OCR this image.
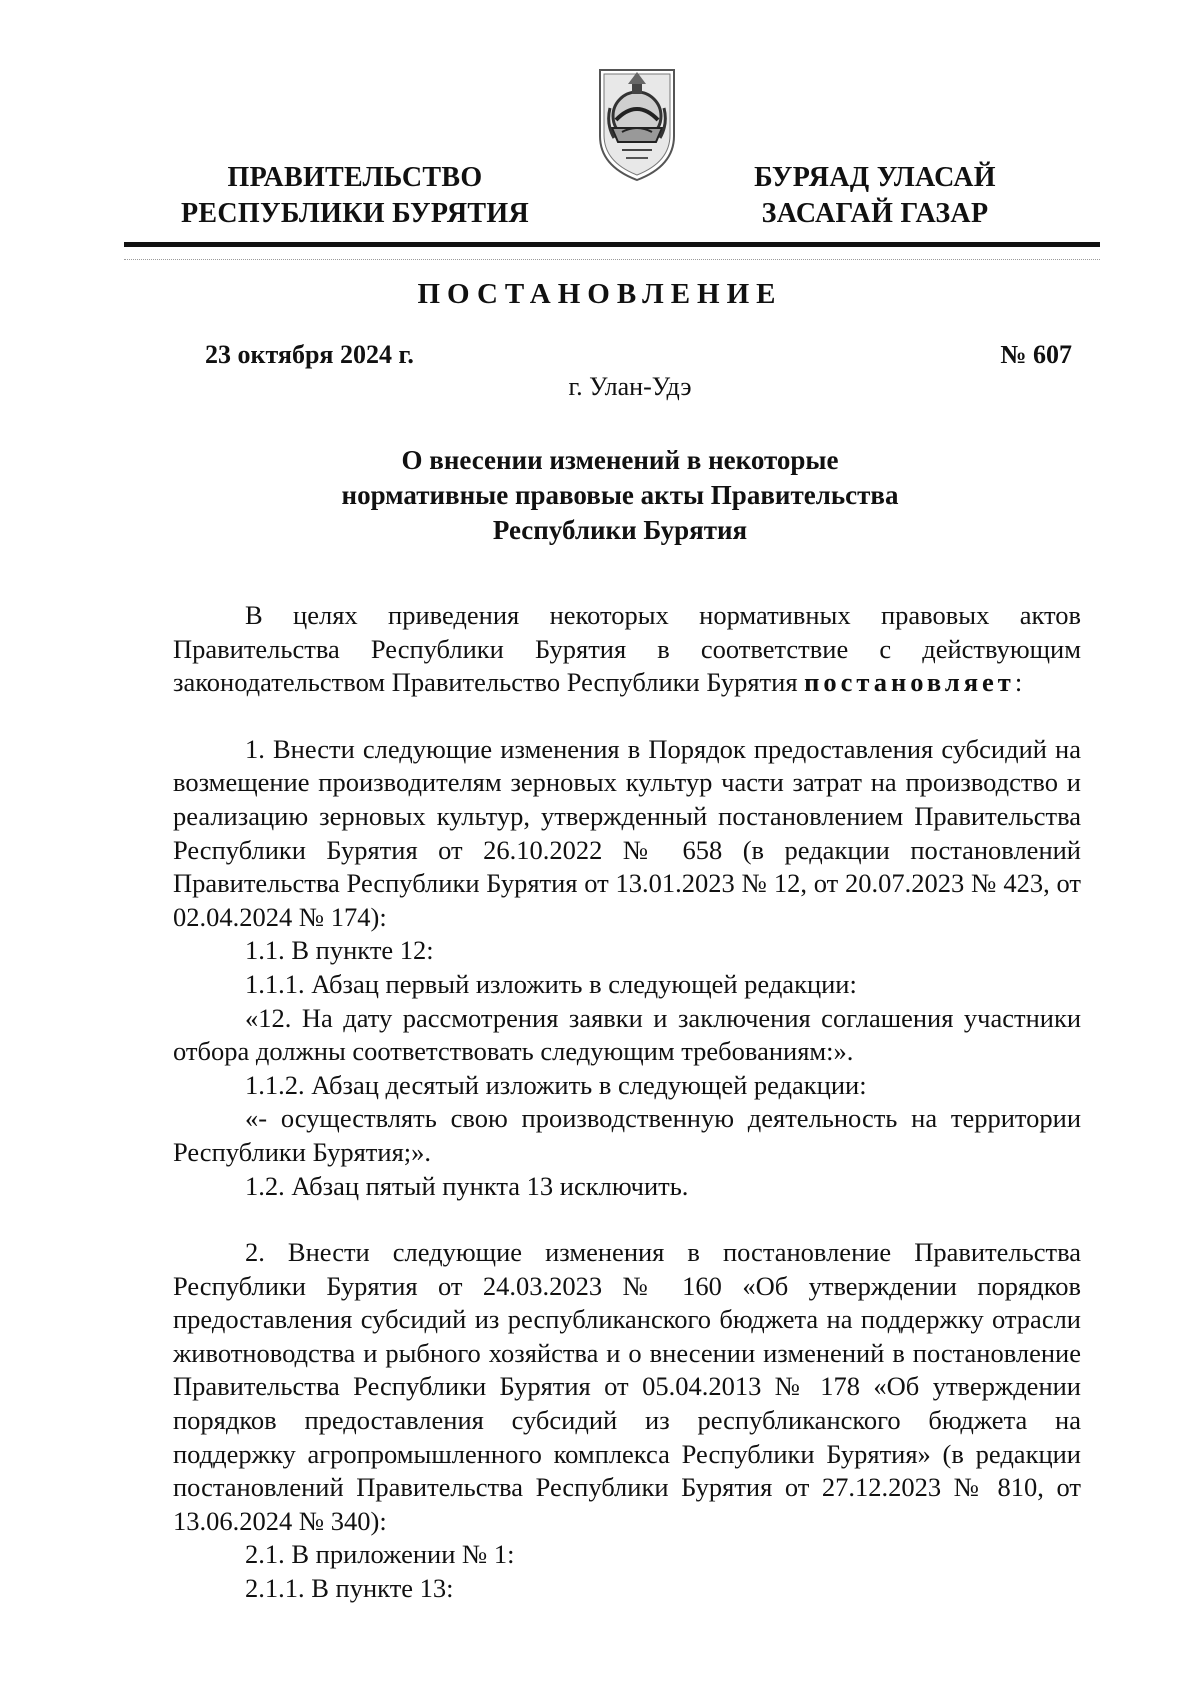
ПРАВИТЕЛЬСТВО
РЕСПУБЛИКИ БУРЯТИЯ
БУРЯАД УЛАСАЙ
ЗАСАГАЙ ГАЗАР
ПОСТАНОВЛЕНИЕ
23 октября 2024 г.	№ 607
г. Улан-Удэ
О внесении изменений в некоторые
нормативные правовые акты Правительства
Республики Бурятия

В целях приведения некоторых нормативных правовых актов Правительства Республики Бурятия в соответствие с действующим законодательством Правительство Республики Бурятия постановляет:

1. Внести следующие изменения в Порядок предоставления субсидий на возмещение производителям зерновых культур части затрат на производство и реализацию зерновых культур, утвержденный постановлением Правительства Республики Бурятия от 26.10.2022 № 658 (в редакции постановлений Правительства Республики Бурятия от 13.01.2023 № 12, от 20.07.2023 № 423, от 02.04.2024 № 174):

1.1. В пункте 12:

1.1.1. Абзац первый изложить в следующей редакции:

«12. На дату рассмотрения заявки и заключения соглашения участники отбора должны соответствовать следующим требованиям:».

1.1.2. Абзац десятый изложить в следующей редакции:

«- осуществлять свою производственную деятельность на территории Республики Бурятия;».

1.2. Абзац пятый пункта 13 исключить.

2. Внести следующие изменения в постановление Правительства Республики Бурятия от 24.03.2023 № 160 «Об утверждении порядков предоставления субсидий из республиканского бюджета на поддержку отрасли животноводства и рыбного хозяйства и о внесении изменений в постановление Правительства Республики Бурятия от 05.04.2013 № 178 «Об утверждении порядков предоставления субсидий из республиканского бюджета на поддержку агропромышленного комплекса Республики Бурятия» (в редакции постановлений Правительства Республики Бурятия от 27.12.2023 № 810, от 13.06.2024 № 340):

2.1. В приложении № 1:

2.1.1. В пункте 13:
